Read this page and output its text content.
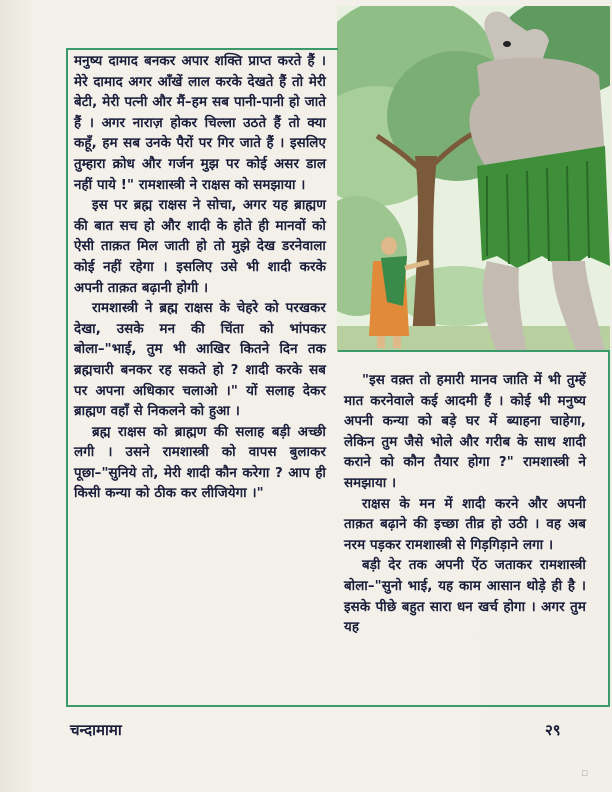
मनुष्य दामाद बनकर अपार शक्ति प्राप्त करते हैं । मेरे दामाद अगर आँखें लाल करके देखते हैं तो मेरी बेटी, मेरी पत्नी और मैं–हम सब पानी-पानी हो जाते हैं । अगर नाराज़ होकर चिल्ला उठते हैं तो क्या कहूँ, हम सब उनके पैरों पर गिर जाते हैं । इसलिए तुम्हारा क्रोध और गर्जन मुझ पर कोई असर डाल नहीं पाये !" रामशास्त्री ने राक्षस को समझाया ।

इस पर ब्रह्म राक्षस ने सोचा, अगर यह ब्राह्मण की बात सच हो और शादी के होते ही मानवों को ऐसी ताक़त मिल जाती हो तो मुझे देख डरनेवाला कोई नहीं रहेगा । इसलिए उसे भी शादी करके अपनी ताक़त बढ़ानी होगी ।

रामशास्त्री ने ब्रह्म राक्षस के चेहरे को परखकर देखा, उसके मन की चिंता को भांपकर बोला–"भाई, तुम भी आखिर कितने दिन तक ब्रह्मचारी बनकर रह सकते हो ? शादी करके सब पर अपना अधिकार चलाओ ।" यों सलाह देकर ब्राह्मण वहाँ से निकलने को हुआ ।

ब्रह्म राक्षस को ब्राह्मण की सलाह बड़ी अच्छी लगी । उसने रामशास्त्री को वापस बुलाकर पूछा–"सुनिये तो, मेरी शादी कौन करेगा ? आप ही किसी कन्या को ठीक कर लीजियेगा ।"

"इस वक़्त तो हमारी मानव जाति में भी तुम्हें मात करनेवाले कई आदमी हैं । कोई भी मनुष्य अपनी कन्या को बड़े घर में ब्याहना चाहेगा, लेकिन तुम जैसे भोले और गरीब के साथ शादी कराने को कौन तैयार होगा ?" रामशास्त्री ने समझाया ।

राक्षस के मन में शादी करने और अपनी ताक़त बढ़ाने की इच्छा तीव्र हो उठी । वह अब नरम पड़कर रामशास्त्री से गिड़गिड़ाने लगा ।

बड़ी देर तक अपनी ऐंठ जताकर रामशास्त्री बोला–"सुनो भाई, यह काम आसान थोड़े ही है । इसके पीछे बहुत सारा धन खर्च होगा । अगर तुम यह

चन्दामामा	२९
▫
